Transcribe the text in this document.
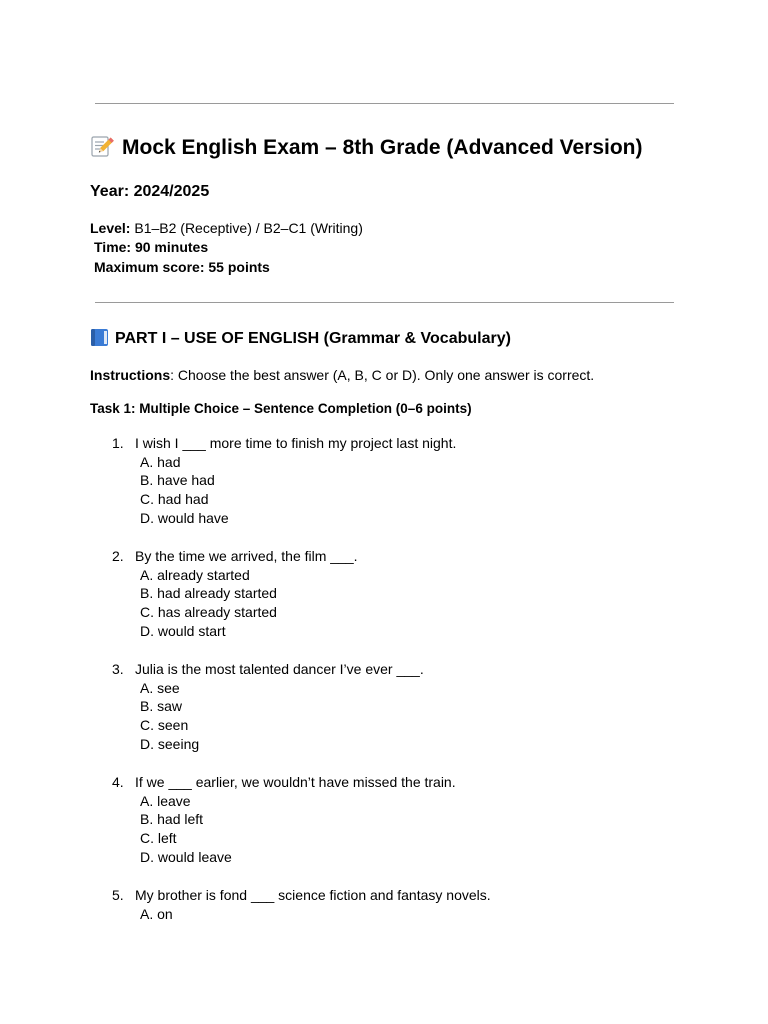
Mock English Exam – 8th Grade (Advanced Version)
Year: 2024/2025
Level: B1–B2 (Receptive) / B2–C1 (Writing)
Time: 90 minutes
Maximum score: 55 points
PART I – USE OF ENGLISH (Grammar & Vocabulary)
Instructions: Choose the best answer (A, B, C or D). Only one answer is correct.
Task 1: Multiple Choice – Sentence Completion (0–6 points)
1. I wish I ___ more time to finish my project last night.
A. had
B. have had
C. had had
D. would have
2. By the time we arrived, the film ___.
A. already started
B. had already started
C. has already started
D. would start
3. Julia is the most talented dancer I’ve ever ___.
A. see
B. saw
C. seen
D. seeing
4. If we ___ earlier, we wouldn’t have missed the train.
A. leave
B. had left
C. left
D. would leave
5. My brother is fond ___ science fiction and fantasy novels.
A. on
